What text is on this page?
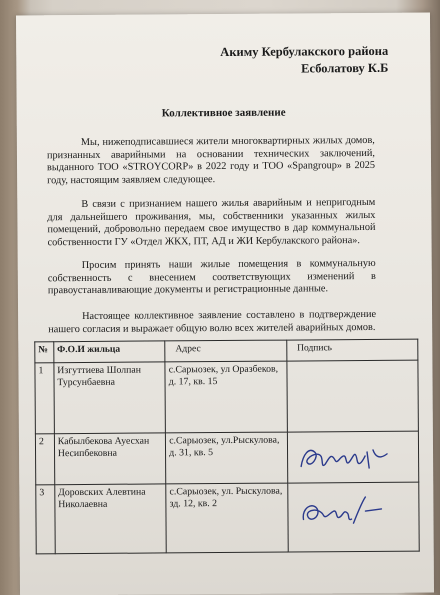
Акиму Кербулакского района
Есболатову К.Б
Коллективное заявление
Мы, нижеподписавшиеся жители многоквартирных жилых домов, признанных аварийными на основании технических заключений, выданного ТОО «STROYCORP» в 2022 году и ТОО «Spangroup» в 2025 году, настоящим заявляем следующее.
В связи с признанием нашего жилья аварийным и непригодным для дальнейшего проживания, мы, собственники указанных жилых помещений, добровольно передаем свое имущество в дар коммунальной собственности ГУ «Отдел ЖКХ, ПТ, АД и ЖИ Кербулакского района».
Просим принять наши жилые помещения в коммунальную собственность с внесением соответствующих изменений в правоустанавливающие документы и регистрационные данные.
Настоящее коллективное заявление составлено в подтверждение нашего согласия и выражает общую волю всех жителей аварийных домов.
№	Ф.О.И жильца	Адрес	Подпись
1	Изгуттиева Шолпан Турсунбаевна	с.Сарыозек, ул Оразбеков, д. 17, кв. 15	
2	Кабылбекова Ауесхан Несипбековна	с.Сарыозек, ул.Рыскулова, д. 31, кв. 5	

3	Доровских Алевтина Николаевна	с.Сарыозек, ул. Рыскулова, зд. 12, кв. 2	
